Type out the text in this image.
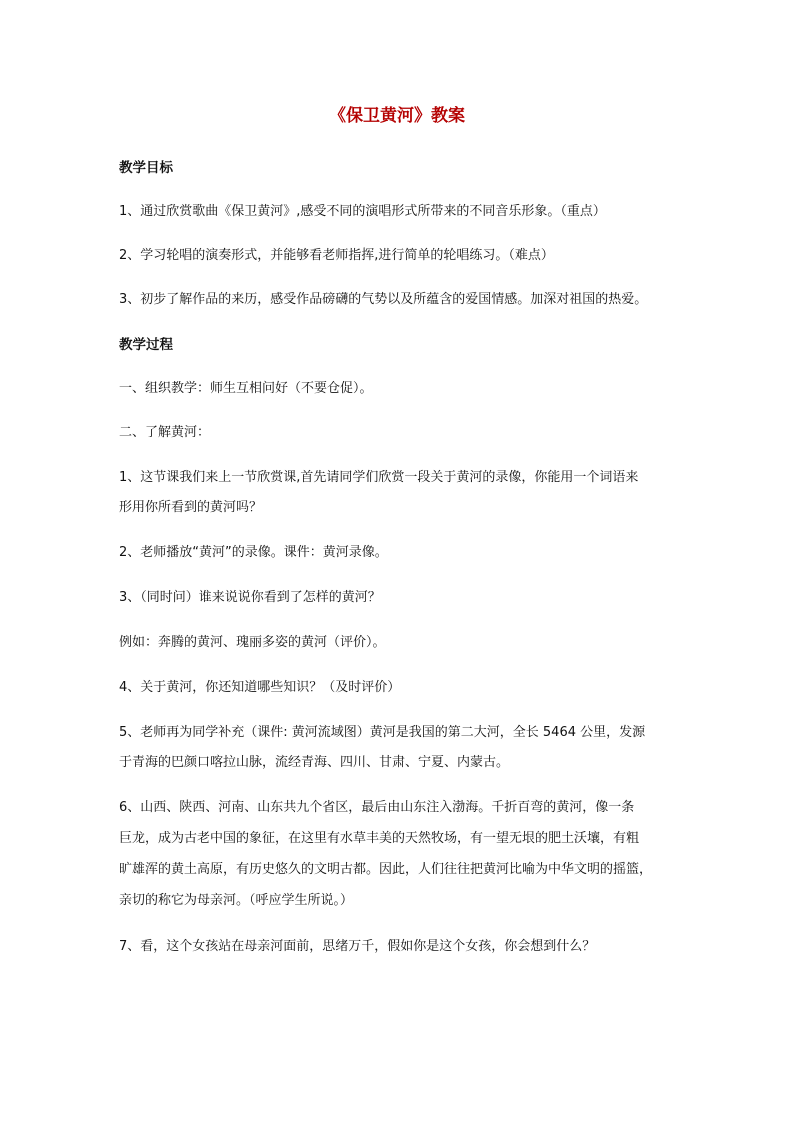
《保卫黄河》教案
教学目标
1、通过欣赏歌曲《保卫黄河》,感受不同的演唱形式所带来的不同音乐形象。（重点）
2、学习轮唱的演奏形式，并能够看老师指挥,进行简单的轮唱练习。（难点）
3、初步了解作品的来历，感受作品磅礴的气势以及所蕴含的爱国情感。加深对祖国的热爱。
教学过程
一、组织教学：师生互相问好（不要仓促）。
二、了解黄河：
1、这节课我们来上一节欣赏课,首先请同学们欣赏一段关于黄河的录像，你能用一个词语来
形用你所看到的黄河吗？
2、老师播放“黄河”的录像。课件：黄河录像。
3、（同时问）谁来说说你看到了怎样的黄河？
例如：奔腾的黄河、瑰丽多姿的黄河（评价）。
4、关于黄河，你还知道哪些知识？（及时评价）
5、老师再为同学补充（课件: 黄河流域图）黄河是我国的第二大河，全长 5464 公里，发源
于青海的巴颜口喀拉山脉，流经青海、四川、甘肃、宁夏、内蒙古。
6、山西、陕西、河南、山东共九个省区，最后由山东注入渤海。千折百弯的黄河，像一条
巨龙，成为古老中国的象征，在这里有水草丰美的天然牧场，有一望无垠的肥土沃壤，有粗
旷雄浑的黄土高原，有历史悠久的文明古都。因此，人们往往把黄河比喻为中华文明的摇篮，
亲切的称它为母亲河。（呼应学生所说。）
7、看，这个女孩站在母亲河面前，思绪万千，假如你是这个女孩，你会想到什么？
